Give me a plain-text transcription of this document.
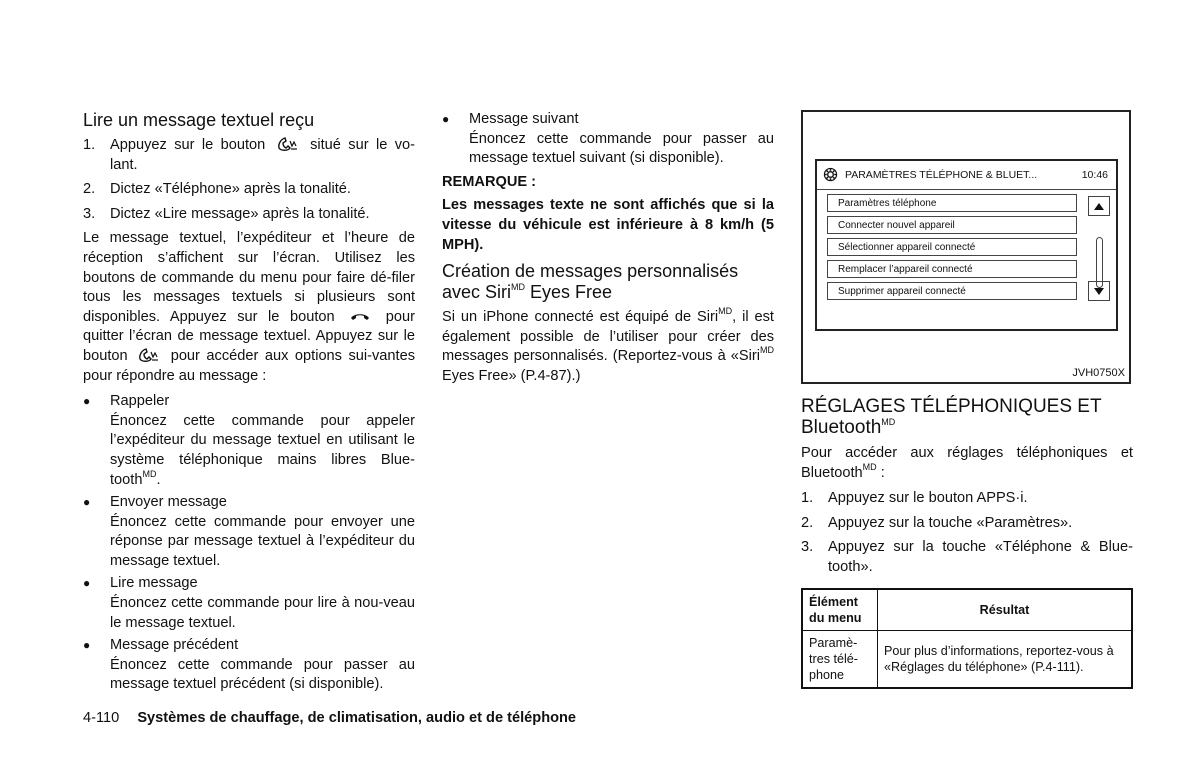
Lire un message textuel reçu
1.	Appuyez sur le bouton	situé sur le vo-lant.
2.	Dictez «Téléphone» après la tonalité.
3.	Dictez «Lire message» après la tonalité.
Le message textuel, l’expéditeur et l’heure de réception s’affichent sur l’écran. Utilisez les boutons de commande du menu pour faire dé-filer tous les messages textuels si plusieurs sont disponibles. Appuyez sur le bouton	pour quitter l’écran de message textuel. Appuyez sur le bouton	pour accéder aux options sui-vantes pour répondre au message :
●	Rappeler
Énoncez cette commande pour appeler l’expéditeur du message textuel en utilisant le système téléphonique mains libres Blue-tooth$^{MD}$.
●	Envoyer message
Énoncez cette commande pour envoyer une réponse par message textuel à l’expéditeur du message textuel.
●	Lire message
Énoncez cette commande pour lire à nou-veau le message textuel.
●	Message précédent
Énoncez cette commande pour passer au message textuel précédent (si disponible).
●	Message suivant
Énoncez cette commande pour passer au message textuel suivant (si disponible).
REMARQUE :
Les messages texte ne sont affichés que si la vitesse du véhicule est inférieure à 8 km/h (5 MPH).
Création de messages personnalisés avec Siri$^{MD}$ Eyes Free
Si un iPhone connecté est équipé de Siri$^{MD}$, il est également possible de l’utiliser pour créer des messages personnalisés. (Reportez-vous à «Siri$^{MD}$ Eyes Free» (P.4-87).)
PARAMÈTRES TÉLÉPHONE & BLUET...	10:46
Paramètres téléphone
Connecter nouvel appareil
Sélectionner appareil connecté
Remplacer l’appareil connecté
Supprimer appareil connecté
JVH0750X
RÉGLAGES TÉLÉPHONIQUES ET Bluetooth$^{MD}$
Pour accéder aux réglages téléphoniques et Bluetooth$^{MD}$ :
1.	Appuyez sur le bouton APPS·i.
2.	Appuyez sur la touche «Paramètres».
3.	Appuyez sur la touche «Téléphone & Blue-tooth».
Élément du menu	Résultat
Paramè-tres télé-phone	Pour plus d’informations, reportez-vous à «Réglages du téléphone» (P.4-111).
4-110 Systèmes de chauffage, de climatisation, audio et de téléphone
